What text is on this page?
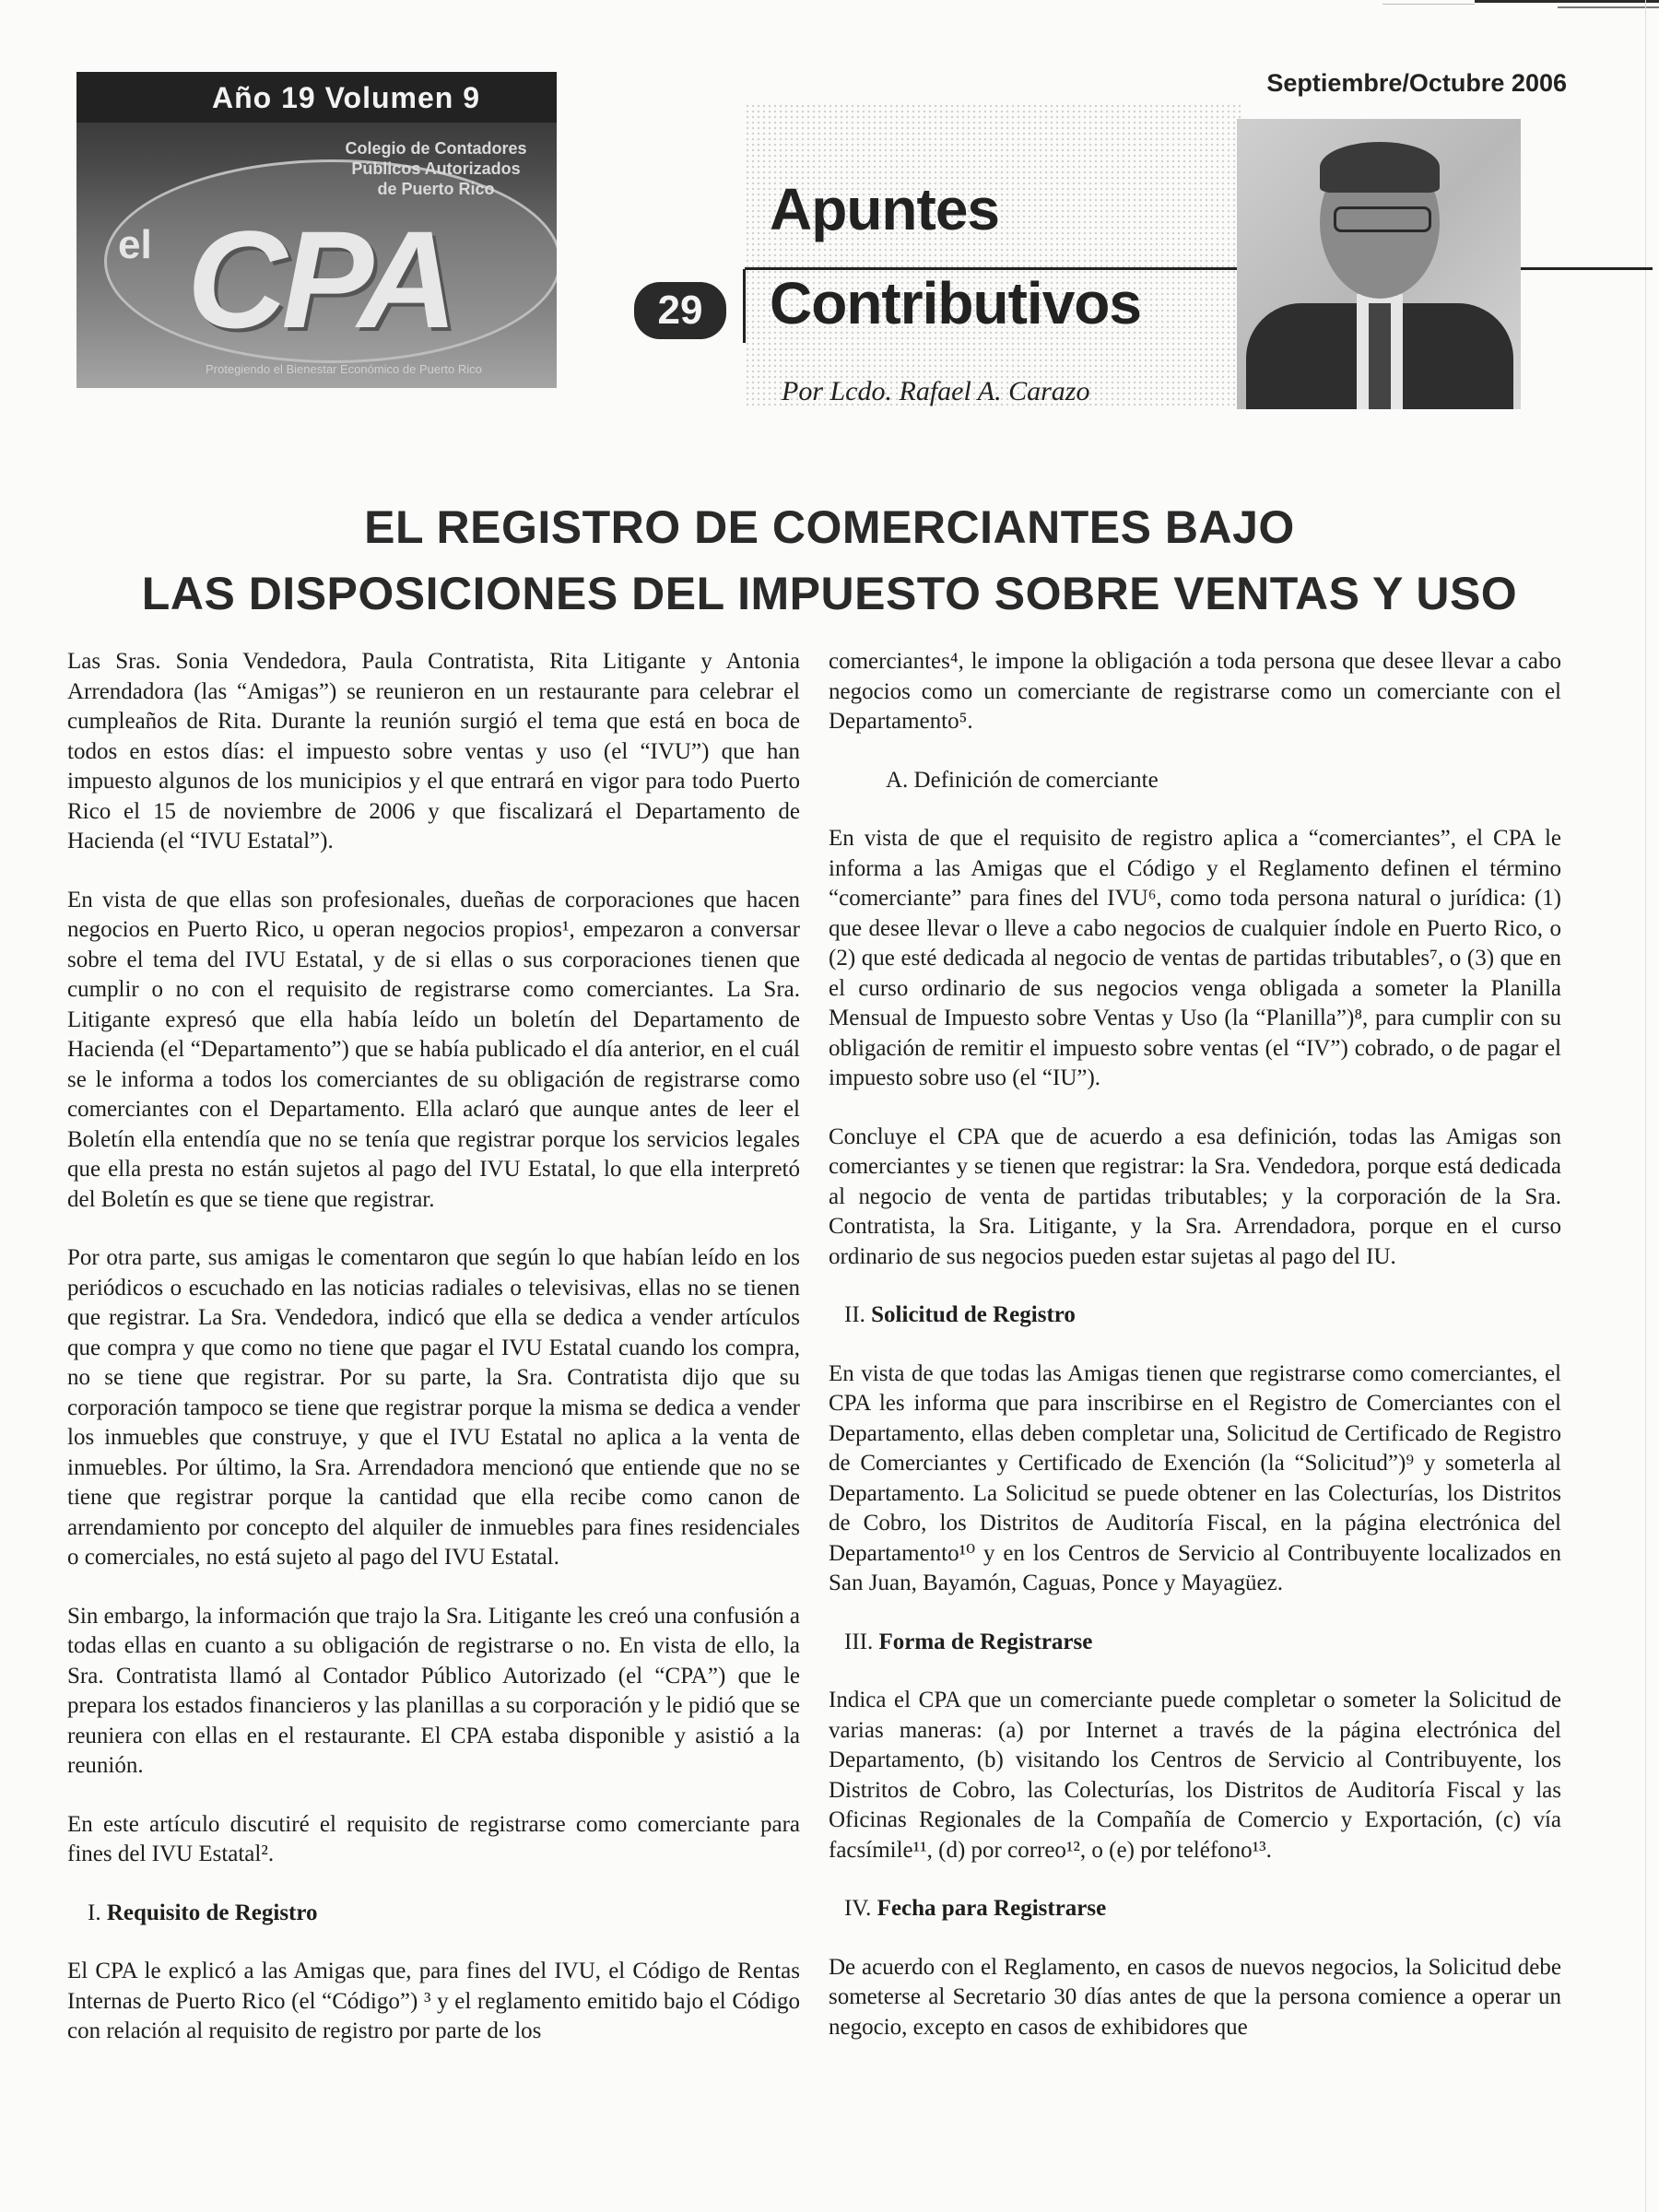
Año 19 Volumen 9
Colegio de Contadores
Públicos Autorizados
de Puerto Rico
el CPA
Protegiendo el Bienestar Económico de Puerto Rico
29
Septiembre/Octubre 2006
Apuntes
Contributivos
Por Lcdo. Rafael A. Carazo
EL REGISTRO DE COMERCIANTES BAJO
LAS DISPOSICIONES DEL IMPUESTO SOBRE VENTAS Y USO

Las Sras. Sonia Vendedora, Paula Contratista, Rita Litigante y Antonia Arrendadora (las “Amigas”) se reunieron en un restaurante para celebrar el cumpleaños de Rita. Durante la reunión surgió el tema que está en boca de todos en estos días: el impuesto sobre ventas y uso (el “IVU”) que han impuesto algunos de los municipios y el que entrará en vigor para todo Puerto Rico el 15 de noviembre de 2006 y que fiscalizará el Departamento de Hacienda (el “IVU Estatal”).

En vista de que ellas son profesionales, dueñas de corporaciones que hacen negocios en Puerto Rico, u operan negocios propios¹, empezaron a conversar sobre el tema del IVU Estatal, y de si ellas o sus corporaciones tienen que cumplir o no con el requisito de registrarse como comerciantes. La Sra. Litigante expresó que ella había leído un boletín del Departamento de Hacienda (el “Departamento”) que se había publicado el día anterior, en el cuál se le informa a todos los comerciantes de su obligación de registrarse como comerciantes con el Departamento. Ella aclaró que aunque antes de leer el Boletín ella entendía que no se tenía que registrar porque los servicios legales que ella presta no están sujetos al pago del IVU Estatal, lo que ella interpretó del Boletín es que se tiene que registrar.

Por otra parte, sus amigas le comentaron que según lo que habían leído en los periódicos o escuchado en las noticias radiales o televisivas, ellas no se tienen que registrar. La Sra. Vendedora, indicó que ella se dedica a vender artículos que compra y que como no tiene que pagar el IVU Estatal cuando los compra, no se tiene que registrar. Por su parte, la Sra. Contratista dijo que su corporación tampoco se tiene que registrar porque la misma se dedica a vender los inmuebles que construye, y que el IVU Estatal no aplica a la venta de inmuebles. Por último, la Sra. Arrendadora mencionó que entiende que no se tiene que registrar porque la cantidad que ella recibe como canon de arrendamiento por concepto del alquiler de inmuebles para fines residenciales o comerciales, no está sujeto al pago del IVU Estatal.

Sin embargo, la información que trajo la Sra. Litigante les creó una confusión a todas ellas en cuanto a su obligación de registrarse o no. En vista de ello, la Sra. Contratista llamó al Contador Público Autorizado (el “CPA”) que le prepara los estados financieros y las planillas a su corporación y le pidió que se reuniera con ellas en el restaurante. El CPA estaba disponible y asistió a la reunión.

En este artículo discutiré el requisito de registrarse como comerciante para fines del IVU Estatal².

I. Requisito de Registro

El CPA le explicó a las Amigas que, para fines del IVU, el Código de Rentas Internas de Puerto Rico (el “Código”) ³ y el reglamento emitido bajo el Código con relación al requisito de registro por parte de los

comerciantes⁴, le impone la obligación a toda persona que desee llevar a cabo negocios como un comerciante de registrarse como un comerciante con el Departamento⁵.

A. Definición de comerciante

En vista de que el requisito de registro aplica a “comerciantes”, el CPA le informa a las Amigas que el Código y el Reglamento definen el término “comerciante” para fines del IVU⁶, como toda persona natural o jurídica: (1) que desee llevar o lleve a cabo negocios de cualquier índole en Puerto Rico, o (2) que esté dedicada al negocio de ventas de partidas tributables⁷, o (3) que en el curso ordinario de sus negocios venga obligada a someter la Planilla Mensual de Impuesto sobre Ventas y Uso (la “Planilla”)⁸, para cumplir con su obligación de remitir el impuesto sobre ventas (el “IV”) cobrado, o de pagar el impuesto sobre uso (el “IU”).

Concluye el CPA que de acuerdo a esa definición, todas las Amigas son comerciantes y se tienen que registrar: la Sra. Vendedora, porque está dedicada al negocio de venta de partidas tributables; y la corporación de la Sra. Contratista, la Sra. Litigante, y la Sra. Arrendadora, porque en el curso ordinario de sus negocios pueden estar sujetas al pago del IU.

II. Solicitud de Registro

En vista de que todas las Amigas tienen que registrarse como comerciantes, el CPA les informa que para inscribirse en el Registro de Comerciantes con el Departamento, ellas deben completar una, Solicitud de Certificado de Registro de Comerciantes y Certificado de Exención (la “Solicitud”)⁹ y someterla al Departamento. La Solicitud se puede obtener en las Colecturías, los Distritos de Cobro, los Distritos de Auditoría Fiscal, en la página electrónica del Departamento¹⁰ y en los Centros de Servicio al Contribuyente localizados en San Juan, Bayamón, Caguas, Ponce y Mayagüez.

III. Forma de Registrarse

Indica el CPA que un comerciante puede completar o someter la Solicitud de varias maneras: (a) por Internet a través de la página electrónica del Departamento, (b) visitando los Centros de Servicio al Contribuyente, los Distritos de Cobro, las Colecturías, los Distritos de Auditoría Fiscal y las Oficinas Regionales de la Compañía de Comercio y Exportación, (c) vía facsímile¹¹, (d) por correo¹², o (e) por teléfono¹³.

IV. Fecha para Registrarse

De acuerdo con el Reglamento, en casos de nuevos negocios, la Solicitud debe someterse al Secretario 30 días antes de que la persona comience a operar un negocio, excepto en casos de exhibidores que
